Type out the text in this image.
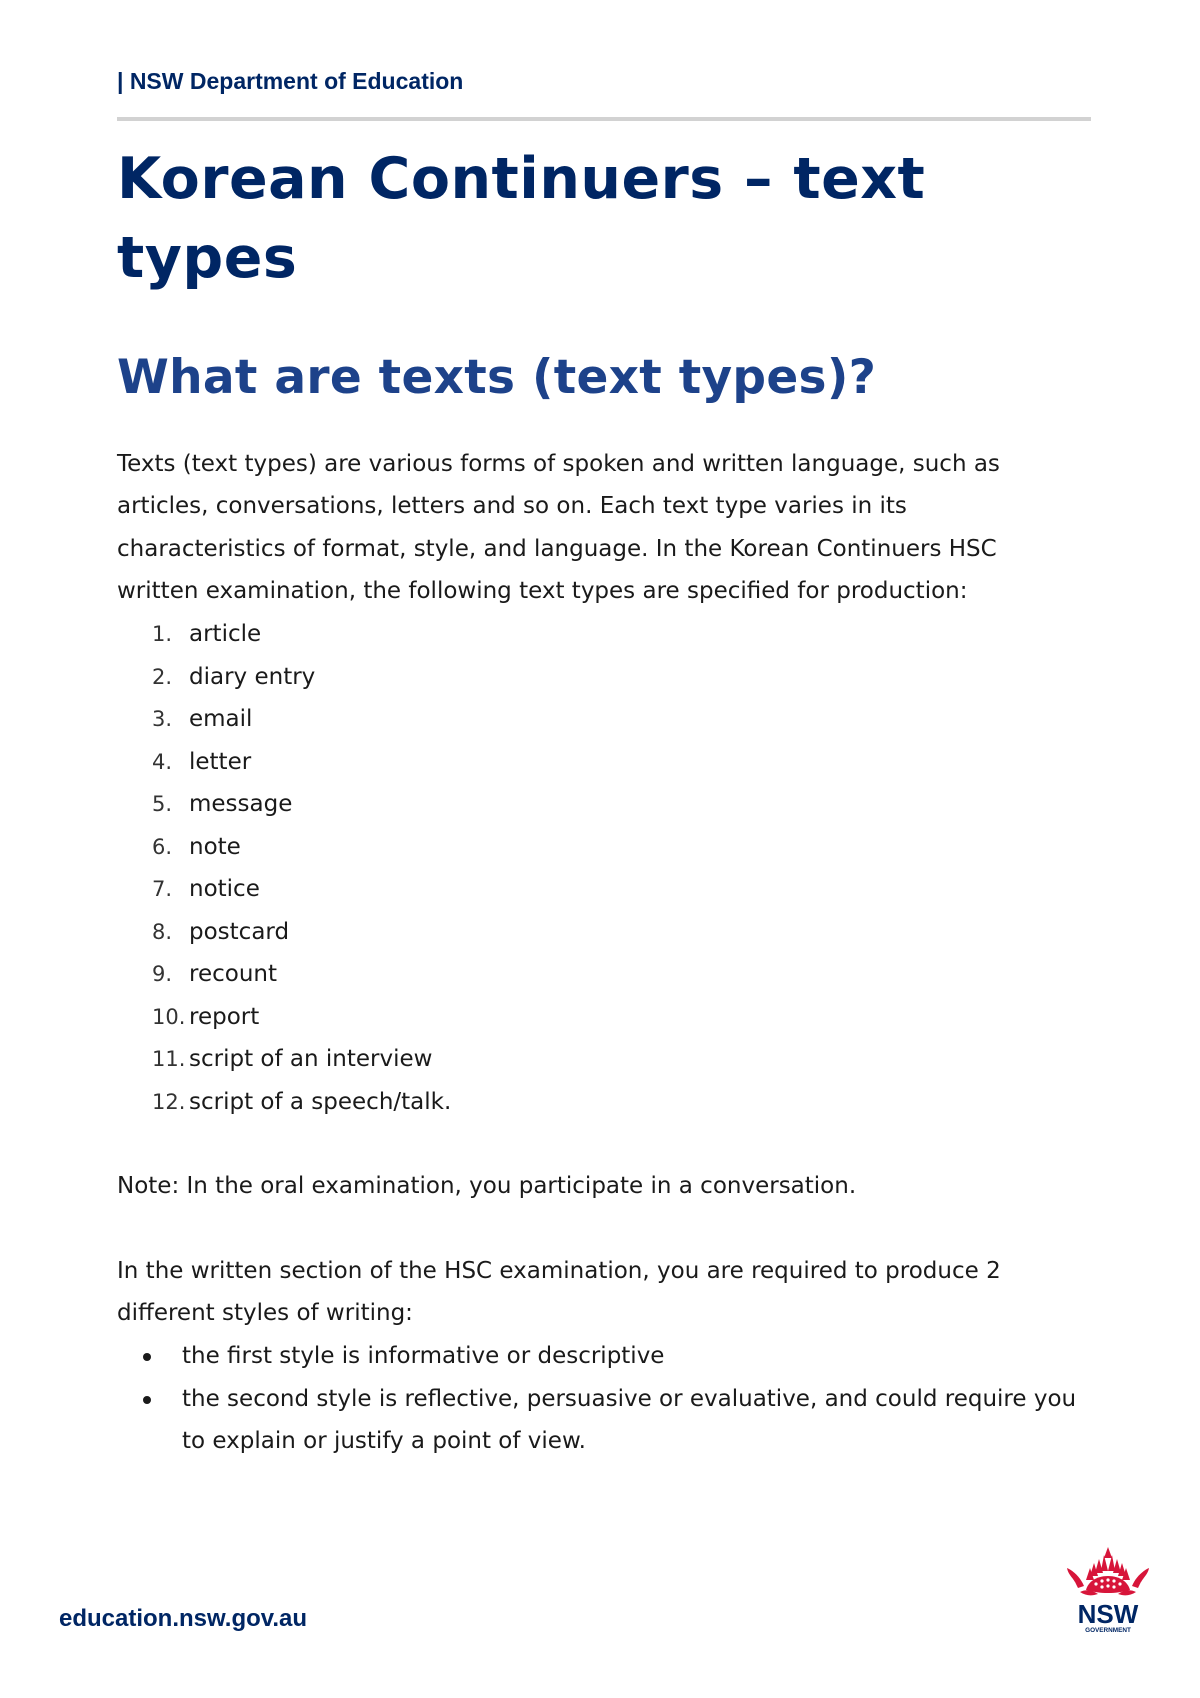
| NSW Department of Education
Korean Continuers – text types
What are texts (text types)?

Texts (text types) are various forms of spoken and written language, such as articles, conversations, letters and so on. Each text type varies in its characteristics of format, style, and language. In the Korean Continuers HSC written examination, the following text types are specified for production:

1. article
2. diary entry
3. email
4. letter
5. message
6. note
7. notice
8. postcard
9. recount
10. report
11. script of an interview
12. script of a speech/talk.

Note: In the oral examination, you participate in a conversation.

In the written section of the HSC examination, you are required to produce 2 different styles of writing:

the first style is informative or descriptive
the second style is reflective, persuasive or evaluative, and could require you to explain or justify a point of view.
education.nsw.gov.au	NSW
GOVERNMENT
